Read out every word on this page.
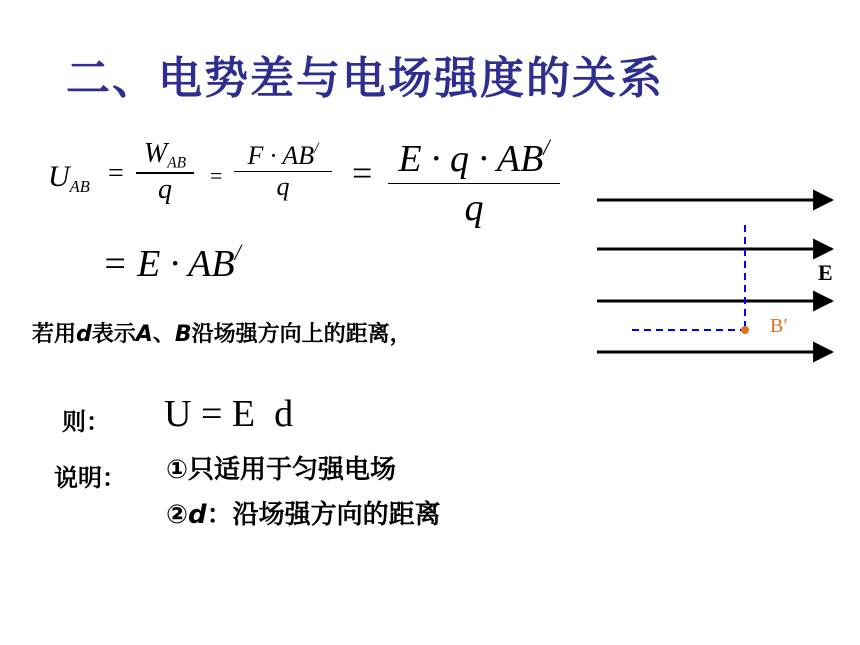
二、电势差与电场强度的关系
$U_{AB}$ =
$W_{AB}$
q	=
F · AB/
q	= E · q · AB/
q
= E · AB/
若用d表示A、B沿场强方向上的距离，
则： U = E  d
说明： ①只适用于匀强电场
②d：沿场强方向的距离
E
B′
